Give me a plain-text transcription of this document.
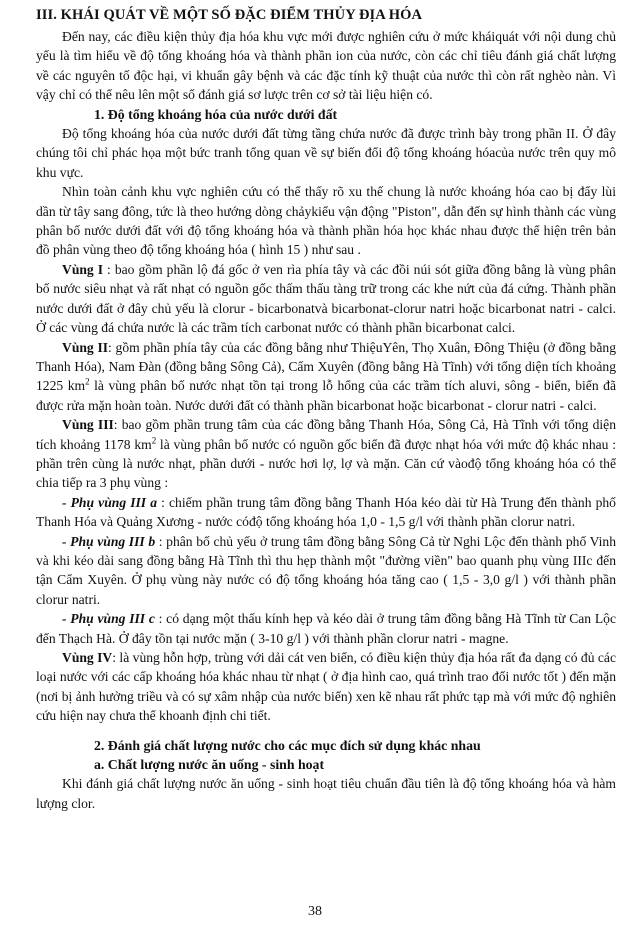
III. KHÁI QUÁT VỀ MỘT SỐ ĐẶC ĐIỂM THỦY ĐỊA HÓA

Đến nay, các điều kiện thủy địa hóa khu vực mới được nghiên cứu ở mức kháiquát với nội dung chủ yếu là tìm hiểu về độ tổng khoáng hóa và thành phần ion của nước, còn các chỉ tiêu đánh giá chất lượng về các nguyên tố độc hại, vi khuẩn gây bệnh và các đặc tính kỹ thuật của nước thì còn rất nghèo nàn. Vì vậy chỉ có thể nêu lên một số đánh giá sơ lược trên cơ sở tài liệu hiện có.

1. Độ tổng khoáng hóa của nước dưới đất

Độ tổng khoáng hóa của nước dưới đất từng tầng chứa nước đã được trình bày trong phần II. Ở đây chúng tôi chỉ phác họa một bức tranh tổng quan về sự biến đổi độ tổng khoáng hóacủa nước trên quy mô khu vực.

Nhìn toàn cảnh khu vực nghiên cứu có thể thấy rõ xu thế chung là nước khoáng hóa cao bị đẩy lùi dần từ tây sang đông, tức là theo hướng dòng chảykiểu vận động "Piston", dẫn đến sự hình thành các vùng phân bố nước dưới đất với độ tổng khoáng hóa và thành phần hóa học khác nhau được thể hiện trên bản đồ phân vùng theo độ tổng khoáng hóa ( hình 15 ) như sau .

Vùng I : bao gồm phần lộ đá gốc ở ven rìa phía tây và các đồi núi sót giữa đồng bằng là vùng phân bố nước siêu nhạt và rất nhạt có nguồn gốc thấm thấu tàng trữ trong các khe nứt của đá cứng. Thành phần nước dưới đất ở đây chủ yếu là clorur - bicarbonatvà bicarbonat-clorur natri hoặc bicarbonat natri - calci. Ở các vùng đá chứa nước là các trầm tích carbonat nước có thành phần bicarbonat calci.

Vùng II: gồm phần phía tây của các đồng bằng như ThiệuYên, Thọ Xuân, Đông Thiệu (ở đồng bằng Thanh Hóa), Nam Đàn (đồng bằng Sông Cả), Cẩm Xuyên (đồng bằng Hà Tĩnh) với tổng diện tích khoảng 1225 $km^2$ là vùng phân bố nước nhạt tồn tại trong lỗ hổng của các trầm tích aluvi, sông - biển, biển đã được rửa mặn hoàn toàn. Nước dưới đất có thành phần bicarbonat hoặc bicarbonat - clorur natri - calci.

Vùng III: bao gồm phần trung tâm của các đồng bằng Thanh Hóa, Sông Cả, Hà Tĩnh với tổng diện tích khoảng 1178 $km^2$ là vùng phân bố nước có nguồn gốc biển đã được nhạt hóa với mức độ khác nhau : phần trên cùng là nước nhạt, phần dưới - nước hơi lợ, lợ và mặn. Căn cứ vàođộ tổng khoáng hóa có thể chia tiếp ra 3 phụ vùng :

- Phụ vùng III a : chiếm phần trung tâm đồng bằng Thanh Hóa kéo dài từ Hà Trung đến thành phố Thanh Hóa và Quảng Xương - nước cóđộ tổng khoáng hóa 1,0 - 1,5 g/l với thành phần clorur natri.

- Phụ vùng III b : phân bố chủ yếu ở trung tâm đồng bằng Sông Cả từ Nghi Lộc đến thành phố Vinh và khi kéo dài sang đồng bằng Hà Tĩnh thì thu hẹp thành một "đường viền" bao quanh phụ vùng IIIc đến tận Cẩm Xuyên. Ở phụ vùng này nước có độ tổng khoáng hóa tăng cao ( 1,5 - 3,0 g/l ) với thành phần clorur natri.

- Phụ vùng III c : có dạng một thấu kính hẹp và kéo dài ở trung tâm đồng bằng Hà Tĩnh từ Can Lộc đến Thạch Hà. Ở đây tồn tại nước mặn ( 3-10 g/l ) với thành phần clorur natri - magne.

Vùng IV: là vùng hỗn hợp, trùng với dải cát ven biển, có điều kiện thủy địa hóa rất đa dạng có đủ các loại nước với các cấp khoáng hóa khác nhau từ nhạt ( ở địa hình cao, quá trình trao đổi nước tốt ) đến mặn (nơi bị ảnh hưởng triều và có sự xâm nhập của nước biển) xen kẽ nhau rất phức tạp mà với mức độ nghiên cứu hiện nay chưa thể khoanh định chi tiết.

2. Đánh giá chất lượng nước cho các mục đích sử dụng khác nhau
a. Chất lượng nước ăn uống - sinh hoạt

Khi đánh giá chất lượng nước ăn uống - sinh hoạt tiêu chuẩn đầu tiên là độ tổng khoáng hóa và hàm lượng clor.

38
